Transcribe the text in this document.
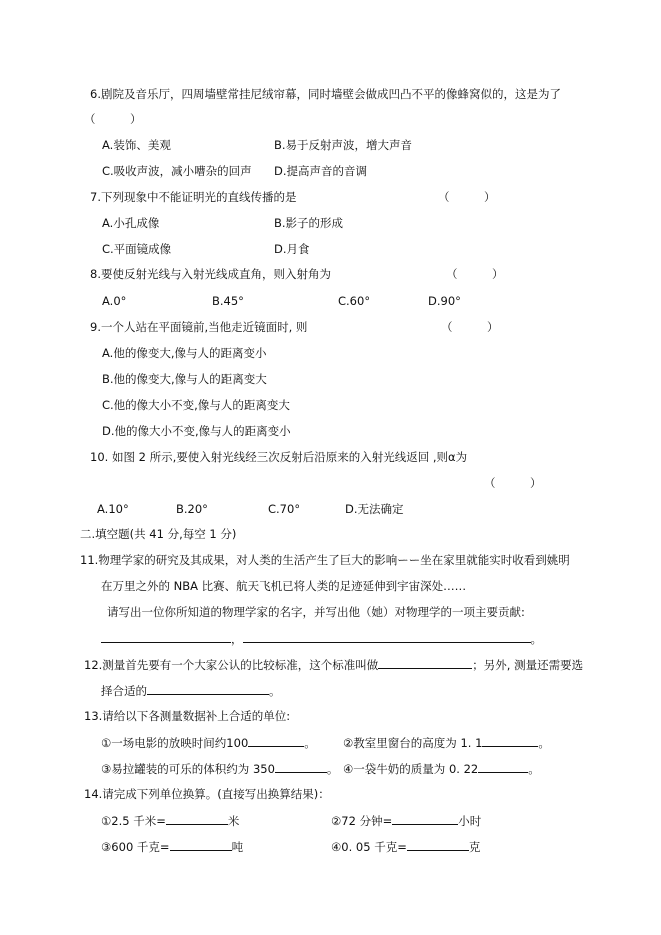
6.剧院及音乐厅，四周墙壁常挂尼绒帘幕，同时墙壁会做成凹凸不平的像蜂窝似的，这是为了
（　　　）
A.装饰、美观	B.易于反射声波，增大声音
C.吸收声波，减小嘈杂的回声 D.提高声音的音调
7.下列现象中不能证明光的直线传播的是	（　　　）
A.小孔成像	B.影子的形成
C.平面镜成像	D.月食
8.要使反射光线与入射光线成直角，则入射角为	（　　　）
A.0°	B.45°	C.60°	D.90°
9.一个人站在平面镜前,当他走近镜面时, 则	（　　　）
A.他的像变大,像与人的距离变小
B.他的像变大,像与人的距离变大
C.他的像大小不变,像与人的距离变大
D.他的像大小不变,像与人的距离变小
10. 如图 2 所示,要使入射光线经三次反射后沿原来的入射光线返回 ,则α为
（　　　）
A.10°	B.20°	C.70°	D.无法确定
二.填空题(共 41 分,每空 1 分)
11.物理学家的研究及其成果，对人类的生活产生了巨大的影响ーー坐在家里就能实时收看到姚明
在万里之外的 NBA 比赛、航天飞机已将人类的足迹延伸到宇宙深处……
请写出一位你所知道的物理学家的名字，并写出他（她）对物理学的一项主要贡献:
，	。
12.测量首先要有一个大家公认的比较标准，这个标准叫做	；另外, 测量还需要选
择合适的	。
13.请给以下各测量数据补上合适的单位:
①一场电影的放映时间约100	。 ②教室里窗台的高度为 1. 1	。
③易拉罐装的可乐的体积约为 350	。 ④一袋牛奶的质量为 0. 22	。
14.请完成下列单位换算。(直接写出换算结果)：
①2.5 千米=	米	②72 分钟=	小时
③600 千克=	吨	④0. 05 千克=	克
